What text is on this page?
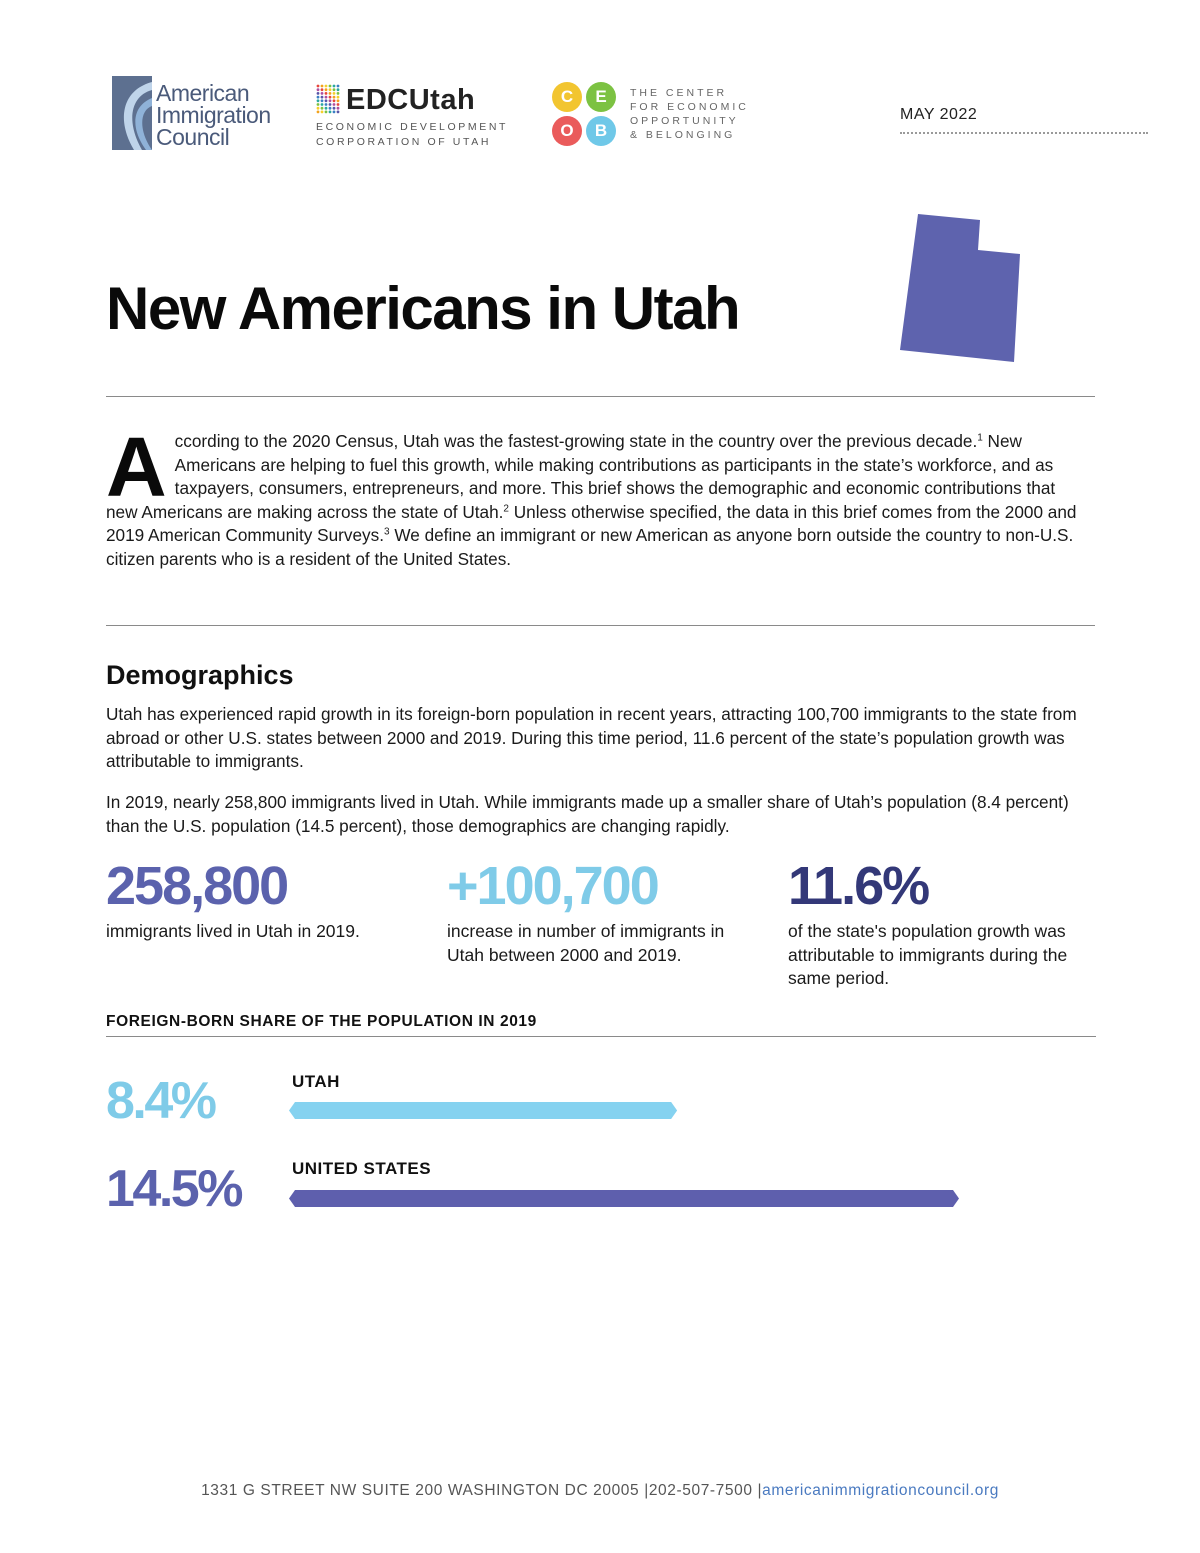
American
Immigration
Council
EDCUtah
ECONOMIC DEVELOPMENT
CORPORATION OF UTAH
C	E
O	B
THE CENTER
FOR ECONOMIC
OPPORTUNITY
& BELONGING
MAY 2022
New Americans in Utah
According to the 2020 Census, Utah was the fastest-growing state in the country over the previous decade.$^1$ New Americans are helping to fuel this growth, while making contributions as participants in the state’s workforce, and as taxpayers, consumers, entrepreneurs, and more. This brief shows the demographic and economic contributions that new Americans are making across the state of Utah.$^2$ Unless otherwise specified, the data in this brief comes from the 2000 and 2019 American Community Surveys.$^3$ We define an immigrant or new American as anyone born outside the country to non-U.S. citizen parents who is a resident of the United States.
Demographics
Utah has experienced rapid growth in its foreign-born population in recent years, attracting 100,700 immigrants to the state from abroad or other U.S. states between 2000 and 2019. During this time period, 11.6 percent of the state’s population growth was attributable to immigrants.
In 2019, nearly 258,800 immigrants lived in Utah. While immigrants made up a smaller share of Utah’s population (8.4 percent) than the U.S. population (14.5 percent), those demographics are changing rapidly.
258,800
immigrants lived in Utah in 2019.
+100,700
increase in number of immigrants in Utah between 2000 and 2019.
11.6%
of the state's population growth was attributable to immigrants during the same period.
FOREIGN-BORN SHARE OF THE POPULATION IN 2019
8.4%	UTAH
14.5%	UNITED STATES
1331 G STREET NW SUITE 200 WASHINGTON DC 20005 |202-507-7500 |americanimmigrationcouncil.org
